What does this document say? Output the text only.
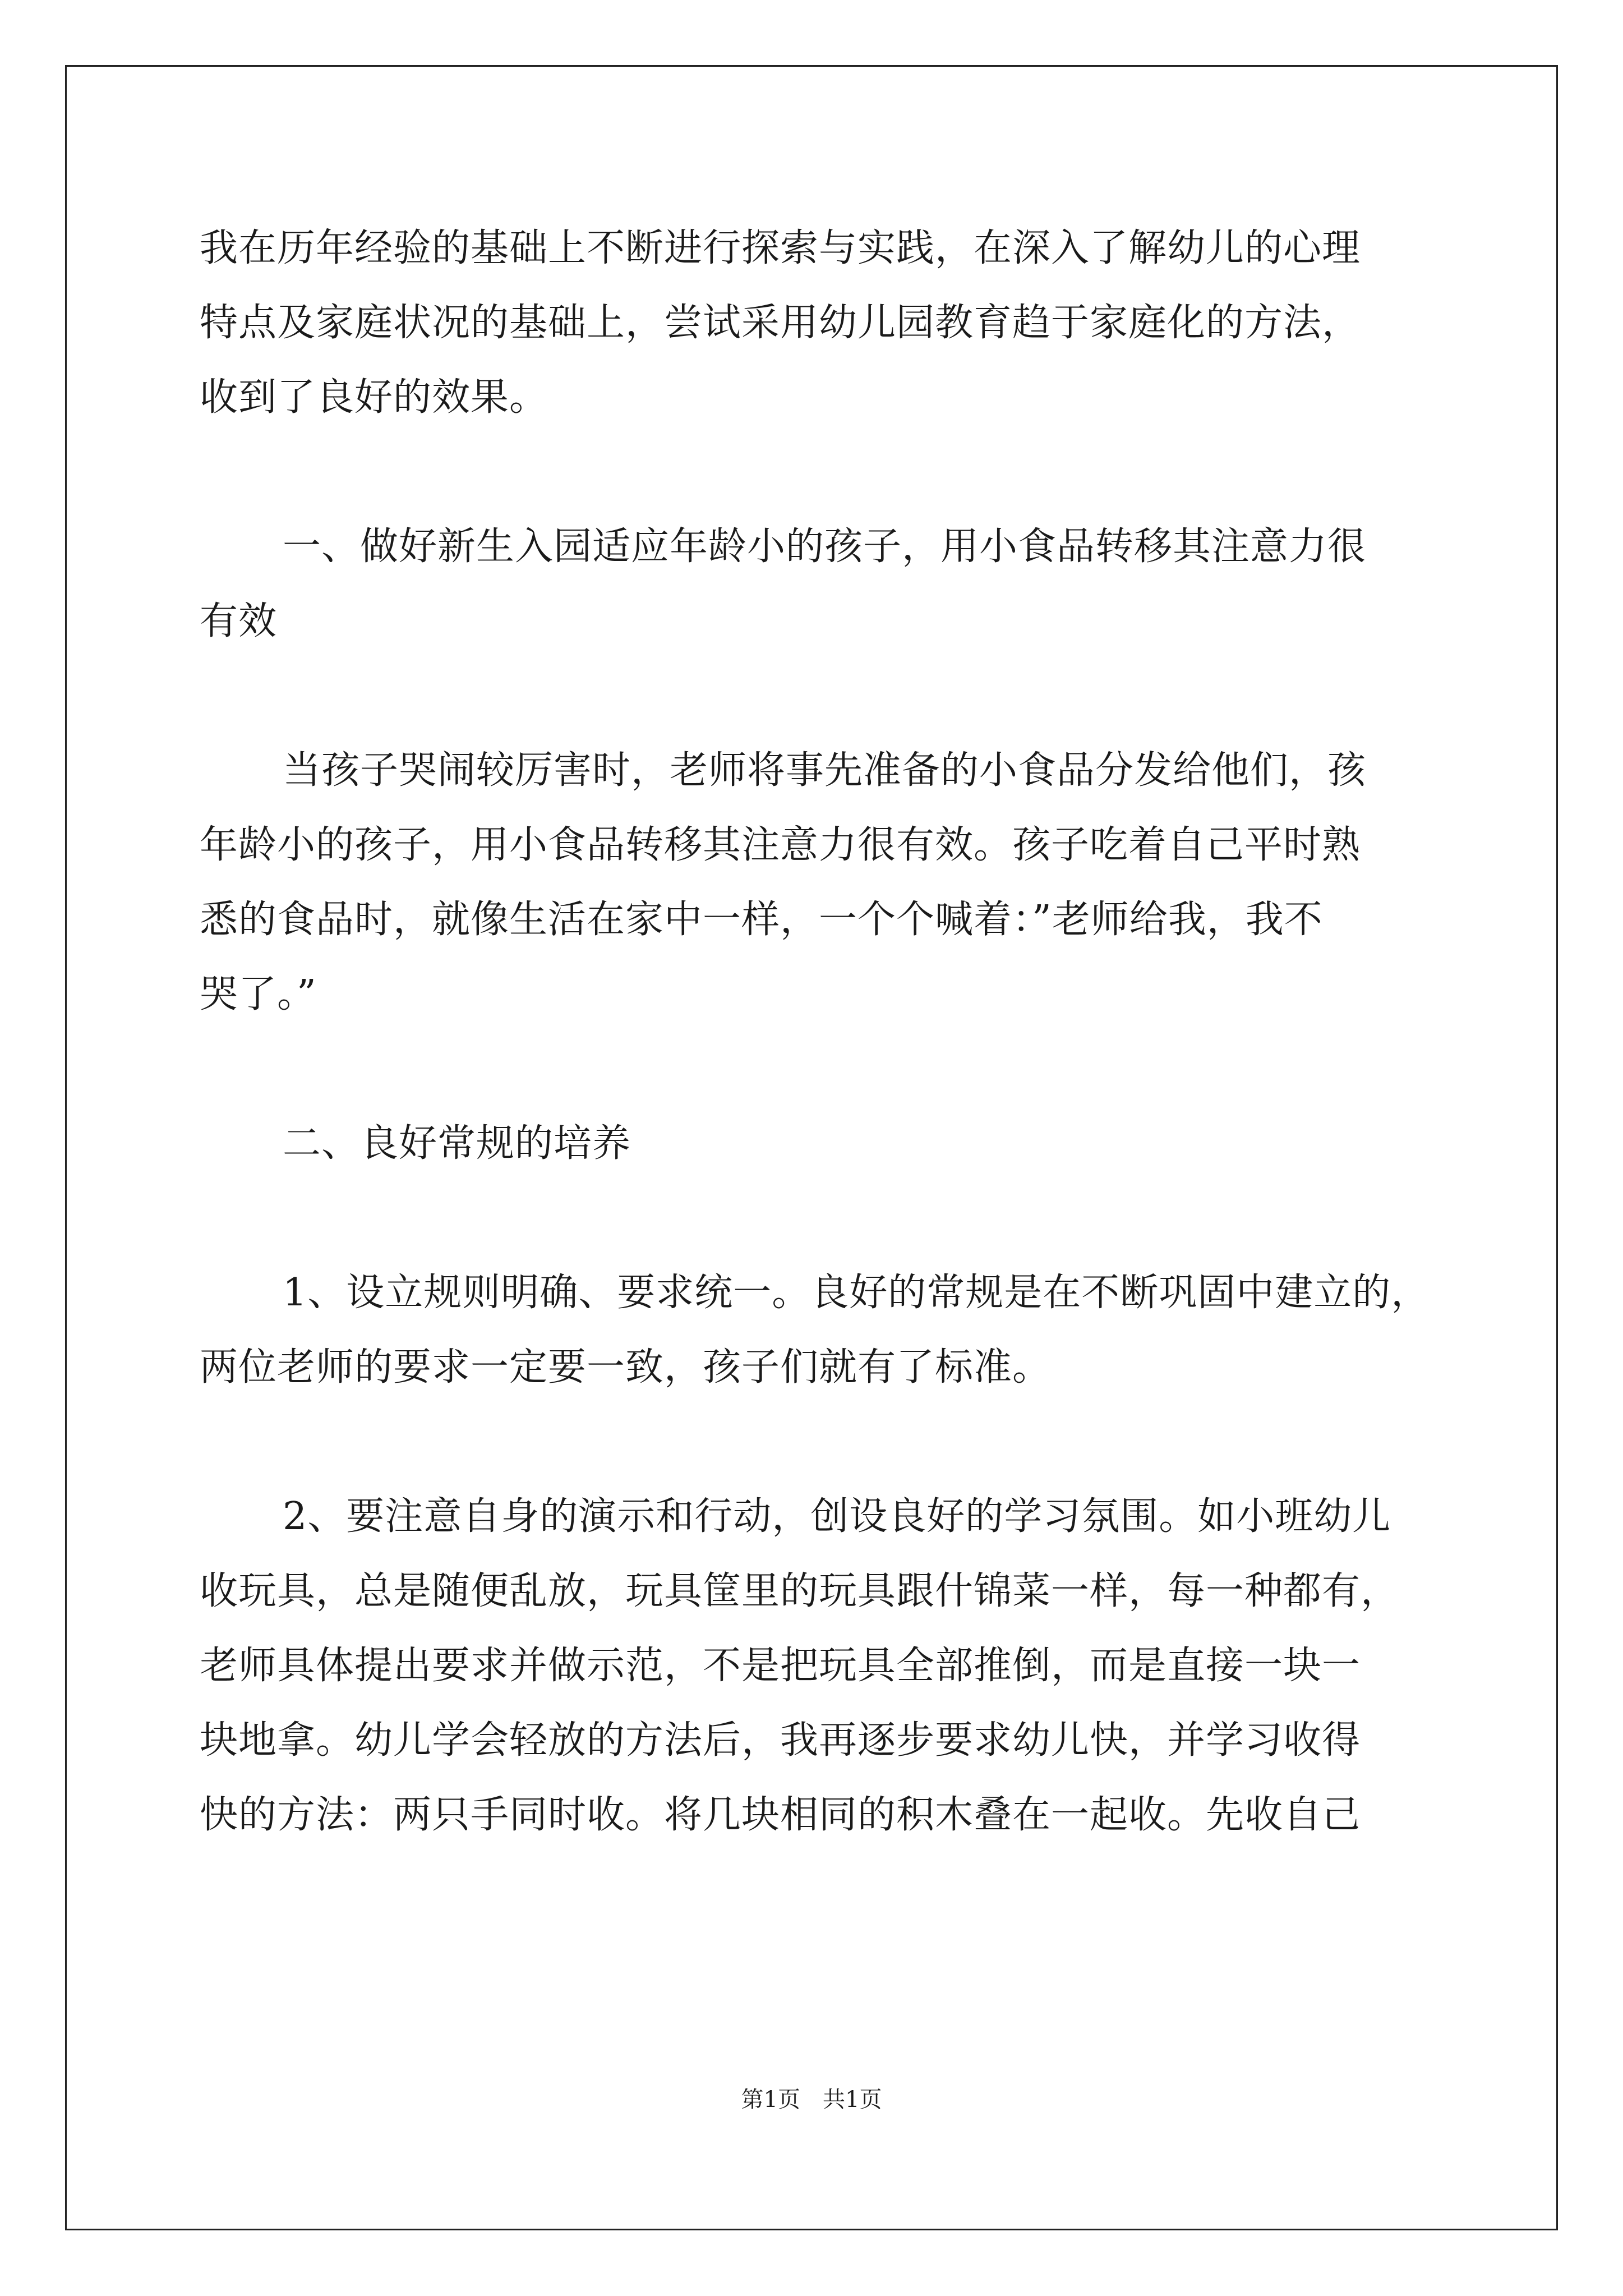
我在历年经验的基础上不断进行探索与实践，在深入了解幼儿的心理
特点及家庭状况的基础上，尝试采用幼儿园教育趋于家庭化的方法，
收到了良好的效果。

一、做好新生入园适应年龄小的孩子，用小食品转移其注意力很
有效

当孩子哭闹较厉害时，老师将事先准备的小食品分发给他们，孩
年龄小的孩子，用小食品转移其注意力很有效。孩子吃着自己平时熟
悉的食品时，就像生活在家中一样，一个个喊着：”老师给我，我不
哭了。”

二、良好常规的培养

1、设立规则明确、要求统一。良好的常规是在不断巩固中建立的，
两位老师的要求一定要一致，孩子们就有了标准。

2、要注意自身的演示和行动，创设良好的学习氛围。如小班幼儿
收玩具，总是随便乱放，玩具筐里的玩具跟什锦菜一样，每一种都有，
老师具体提出要求并做示范，不是把玩具全部推倒，而是直接一块一
块地拿。幼儿学会轻放的方法后，我再逐步要求幼儿快，并学习收得
快的方法：两只手同时收。将几块相同的积木叠在一起收。先收自己

第1页 共1页
